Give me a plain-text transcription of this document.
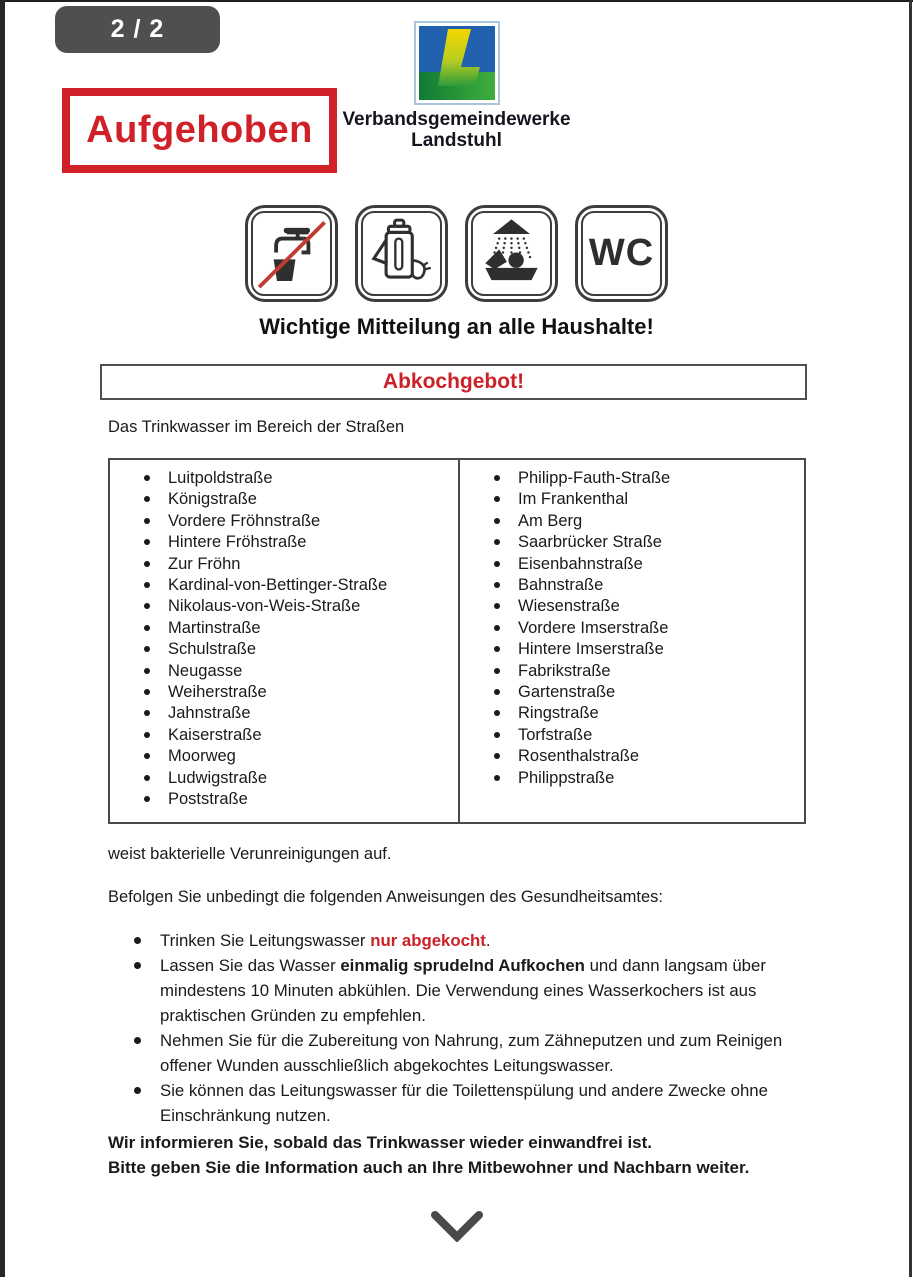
2 / 2
Verbandsgemeindewerke
Landstuhl
Aufgehoben
WC
Wichtige Mitteilung an alle Haushalte!
Abkochgebot!

Das Trinkwasser im Bereich der Straßen

Luitpoldstraße
Königstraße
Vordere Fröhnstraße
Hintere Fröhstraße
Zur Fröhn
Kardinal-von-Bettinger-Straße
Nikolaus-von-Weis-Straße
Martinstraße
Schulstraße
Neugasse
Weiherstraße
Jahnstraße
Kaiserstraße
Moorweg
Ludwigstraße
Poststraße
Philipp-Fauth-Straße
Im Frankenthal
Am Berg
Saarbrücker Straße
Eisenbahnstraße
Bahnstraße
Wiesenstraße
Vordere Imserstraße
Hintere Imserstraße
Fabrikstraße
Gartenstraße
Ringstraße
Torfstraße
Rosenthalstraße
Philippstraße

weist bakterielle Verunreinigungen auf.

Befolgen Sie unbedingt die folgenden Anweisungen des Gesundheitsamtes:

Trinken Sie Leitungswasser nur abgekocht.
Lassen Sie das Wasser einmalig sprudelnd Aufkochen und dann langsam über mindestens 10 Minuten abkühlen. Die Verwendung eines Wasserkochers ist aus praktischen Gründen zu empfehlen.
Nehmen Sie für die Zubereitung von Nahrung, zum Zähneputzen und zum Reinigen offener Wunden ausschließlich abgekochtes Leitungswasser.
Sie können das Leitungswasser für die Toilettenspülung und andere Zwecke ohne Einschränkung nutzen.
Wir informieren Sie, sobald das Trinkwasser wieder einwandfrei ist.
Bitte geben Sie die Information auch an Ihre Mitbewohner und Nachbarn weiter.
